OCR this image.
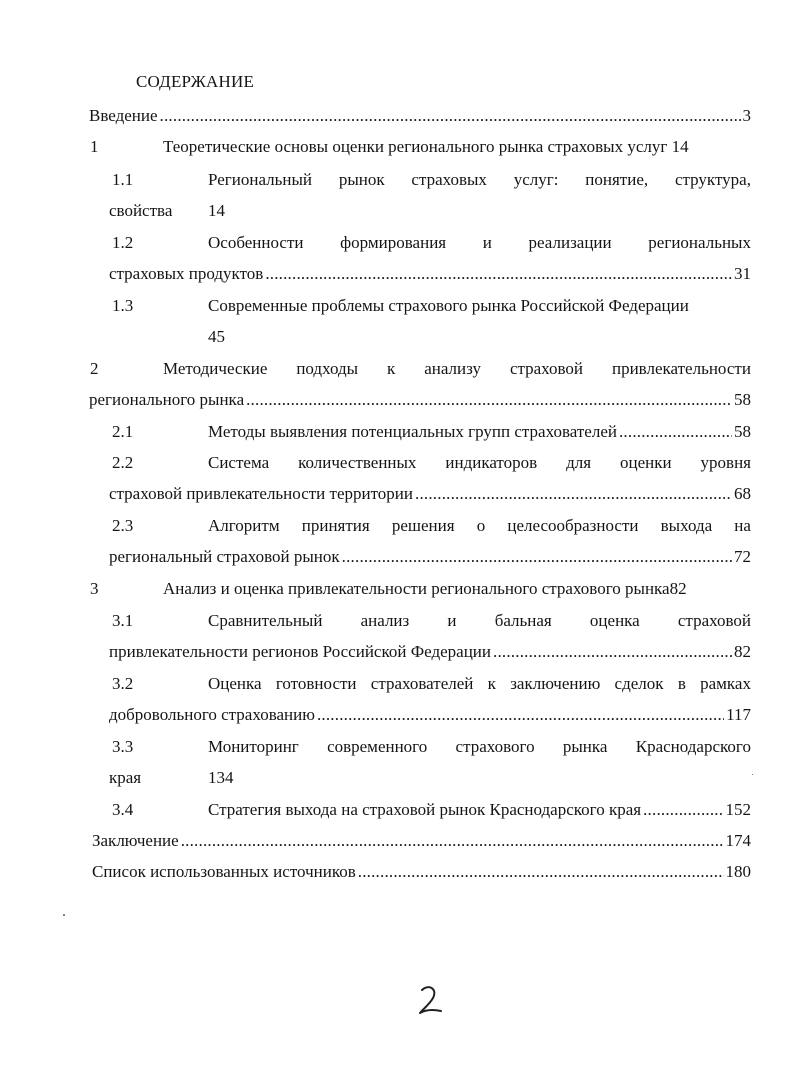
СОДЕРЖАНИЕ
Введение .....	3
1	Теоретические основы оценки регионального рынка страховых услуг 14
1.1	Региональный рынок страховых услуг: понятие, структура,
свойства 14
1.2	Особенности формирования и реализации региональных
страховых продуктов .....	31
1.3	Современные проблемы страхового рынка Российской Федерации
45
2	Методические подходы к анализу страховой привлекательности
регионального рынка .....	58
2.1	Методы выявления потенциальных групп страхователей .....	58
2.2	Система количественных индикаторов для оценки уровня
страховой привлекательности территории .....	68
2.3	Алгоритм принятия решения о целесообразности выхода на
региональный страховой рынок .....	72
3	Анализ и оценка привлекательности регионального страхового рынка82
3.1	Сравнительный анализ и бальная оценка страховой
привлекательности регионов Российской Федерации .....	82
3.2	Оценка готовности страхователей к заключению сделок в рамках
добровольного страхованию .....	117
3.3	Мониторинг современного страхового рынка Краснодарского
края	134
3.4	Стратегия выхода на страховой рынок Краснодарского края .....	152
Заключение .....	174
Список использованных источников .....	180
